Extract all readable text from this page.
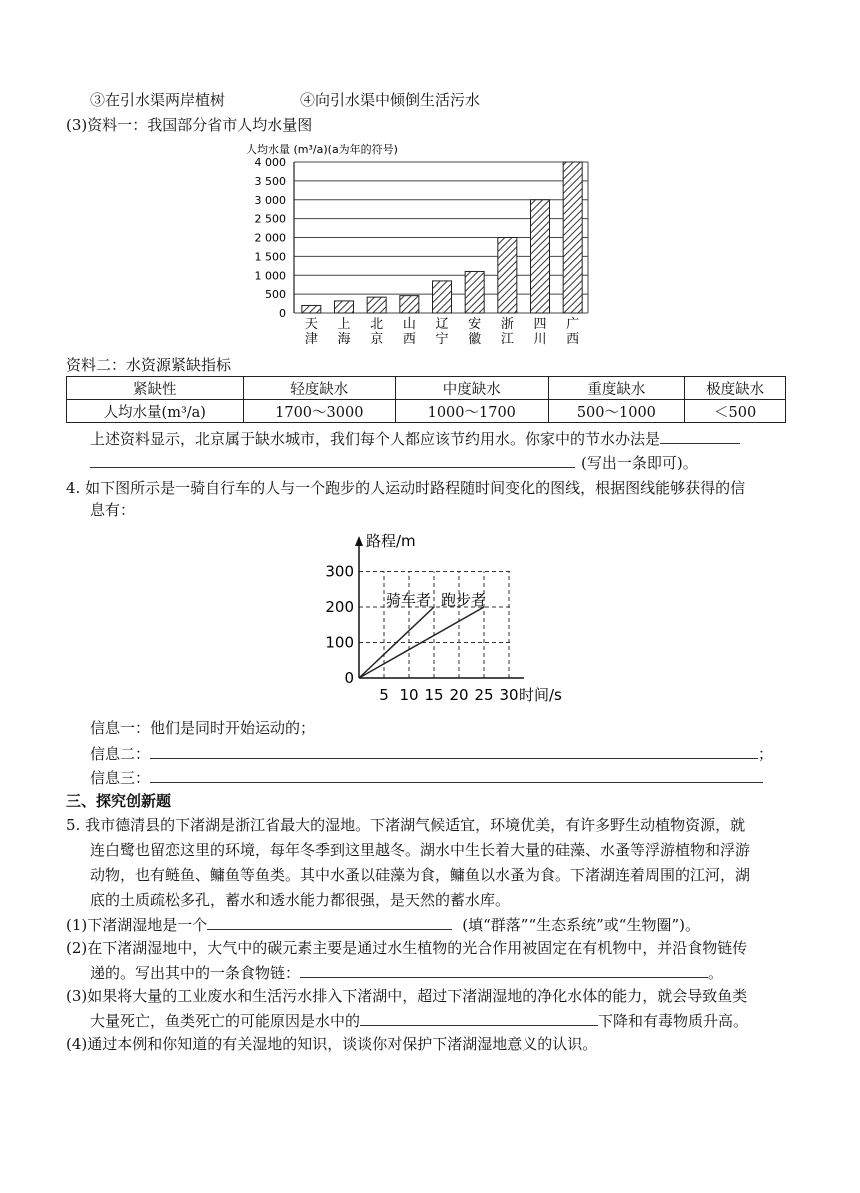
③在引水渠两岸植树	④向引水渠中倾倒生活污水
(3)资料一：我国部分省市人均水量图
人均水量 (m³/a)(a为年的符号)
0
500
1 000
1 500
2 000
2 500
3 000
3 500
4 000
天
津
上
海
北
京
山
西
辽
宁
安
徽
浙
江
四
川
广
西
资料二：水资源紧缺指标
紧缺性	轻度缺水	中度缺水	重度缺水	极度缺水
人均水量(m³/a)	1700～3000	1000～1700	500～1000	＜500
上述资料显示，北京属于缺水城市，我们每个人都应该节约用水。你家中的节水办法是
(写出一条即可)。
4. 如下图所示是一骑自行车的人与一个跑步的人运动时路程随时间变化的图线，根据图线能够获得的信
息有：
路程/m
时间/s
0
100
200
300
5 10 15 20 25 30
骑车者 跑步者
信息一：他们是同时开始运动的；
信息二：	；
信息三：
三、探究创新题
5. 我市德清县的下渚湖是浙江省最大的湿地。下渚湖气候适宜，环境优美，有许多野生动植物资源，就
连白鹭也留恋这里的环境，每年冬季到这里越冬。湖水中生长着大量的硅藻、水蚤等浮游植物和浮游
动物，也有鲢鱼、鳙鱼等鱼类。其中水蚤以硅藻为食，鳙鱼以水蚤为食。下渚湖连着周围的江河，湖
底的土质疏松多孔，蓄水和透水能力都很强，是天然的蓄水库。
(1)下渚湖湿地是一个	(填“群落”“生态系统”或“生物圈”)。
(2)在下渚湖湿地中，大气中的碳元素主要是通过水生植物的光合作用被固定在有机物中，并沿食物链传
递的。写出其中的一条食物链：	。
(3)如果将大量的工业废水和生活污水排入下渚湖中，超过下渚湖湿地的净化水体的能力，就会导致鱼类
大量死亡，鱼类死亡的可能原因是水中的	下降和有毒物质升高。
(4)通过本例和你知道的有关湿地的知识，谈谈你对保护下渚湖湿地意义的认识。
